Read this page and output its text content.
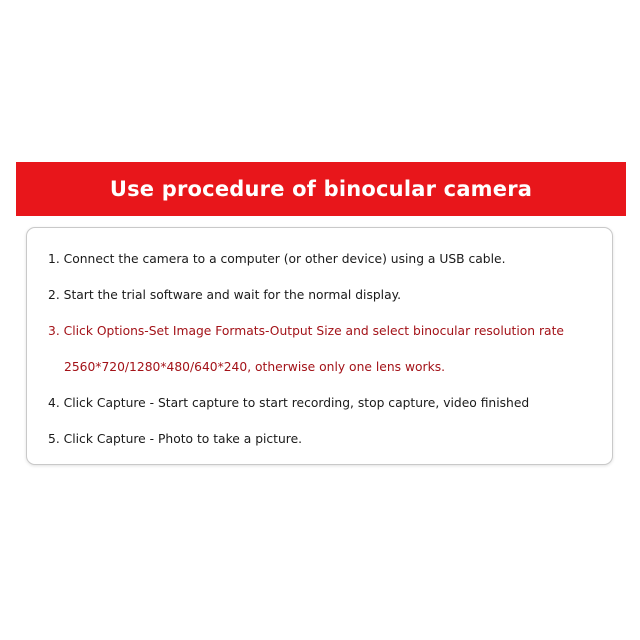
Use procedure of binocular camera
1. Connect the camera to a computer (or other device) using a USB cable.
2. Start the trial software and wait for the normal display.
3. Click Options-Set Image Formats-Output Size and select binocular resolution rate
2560*720/1280*480/640*240, otherwise only one lens works.
4. Click Capture - Start capture to start recording, stop capture, video finished
5. Click Capture - Photo to take a picture.
